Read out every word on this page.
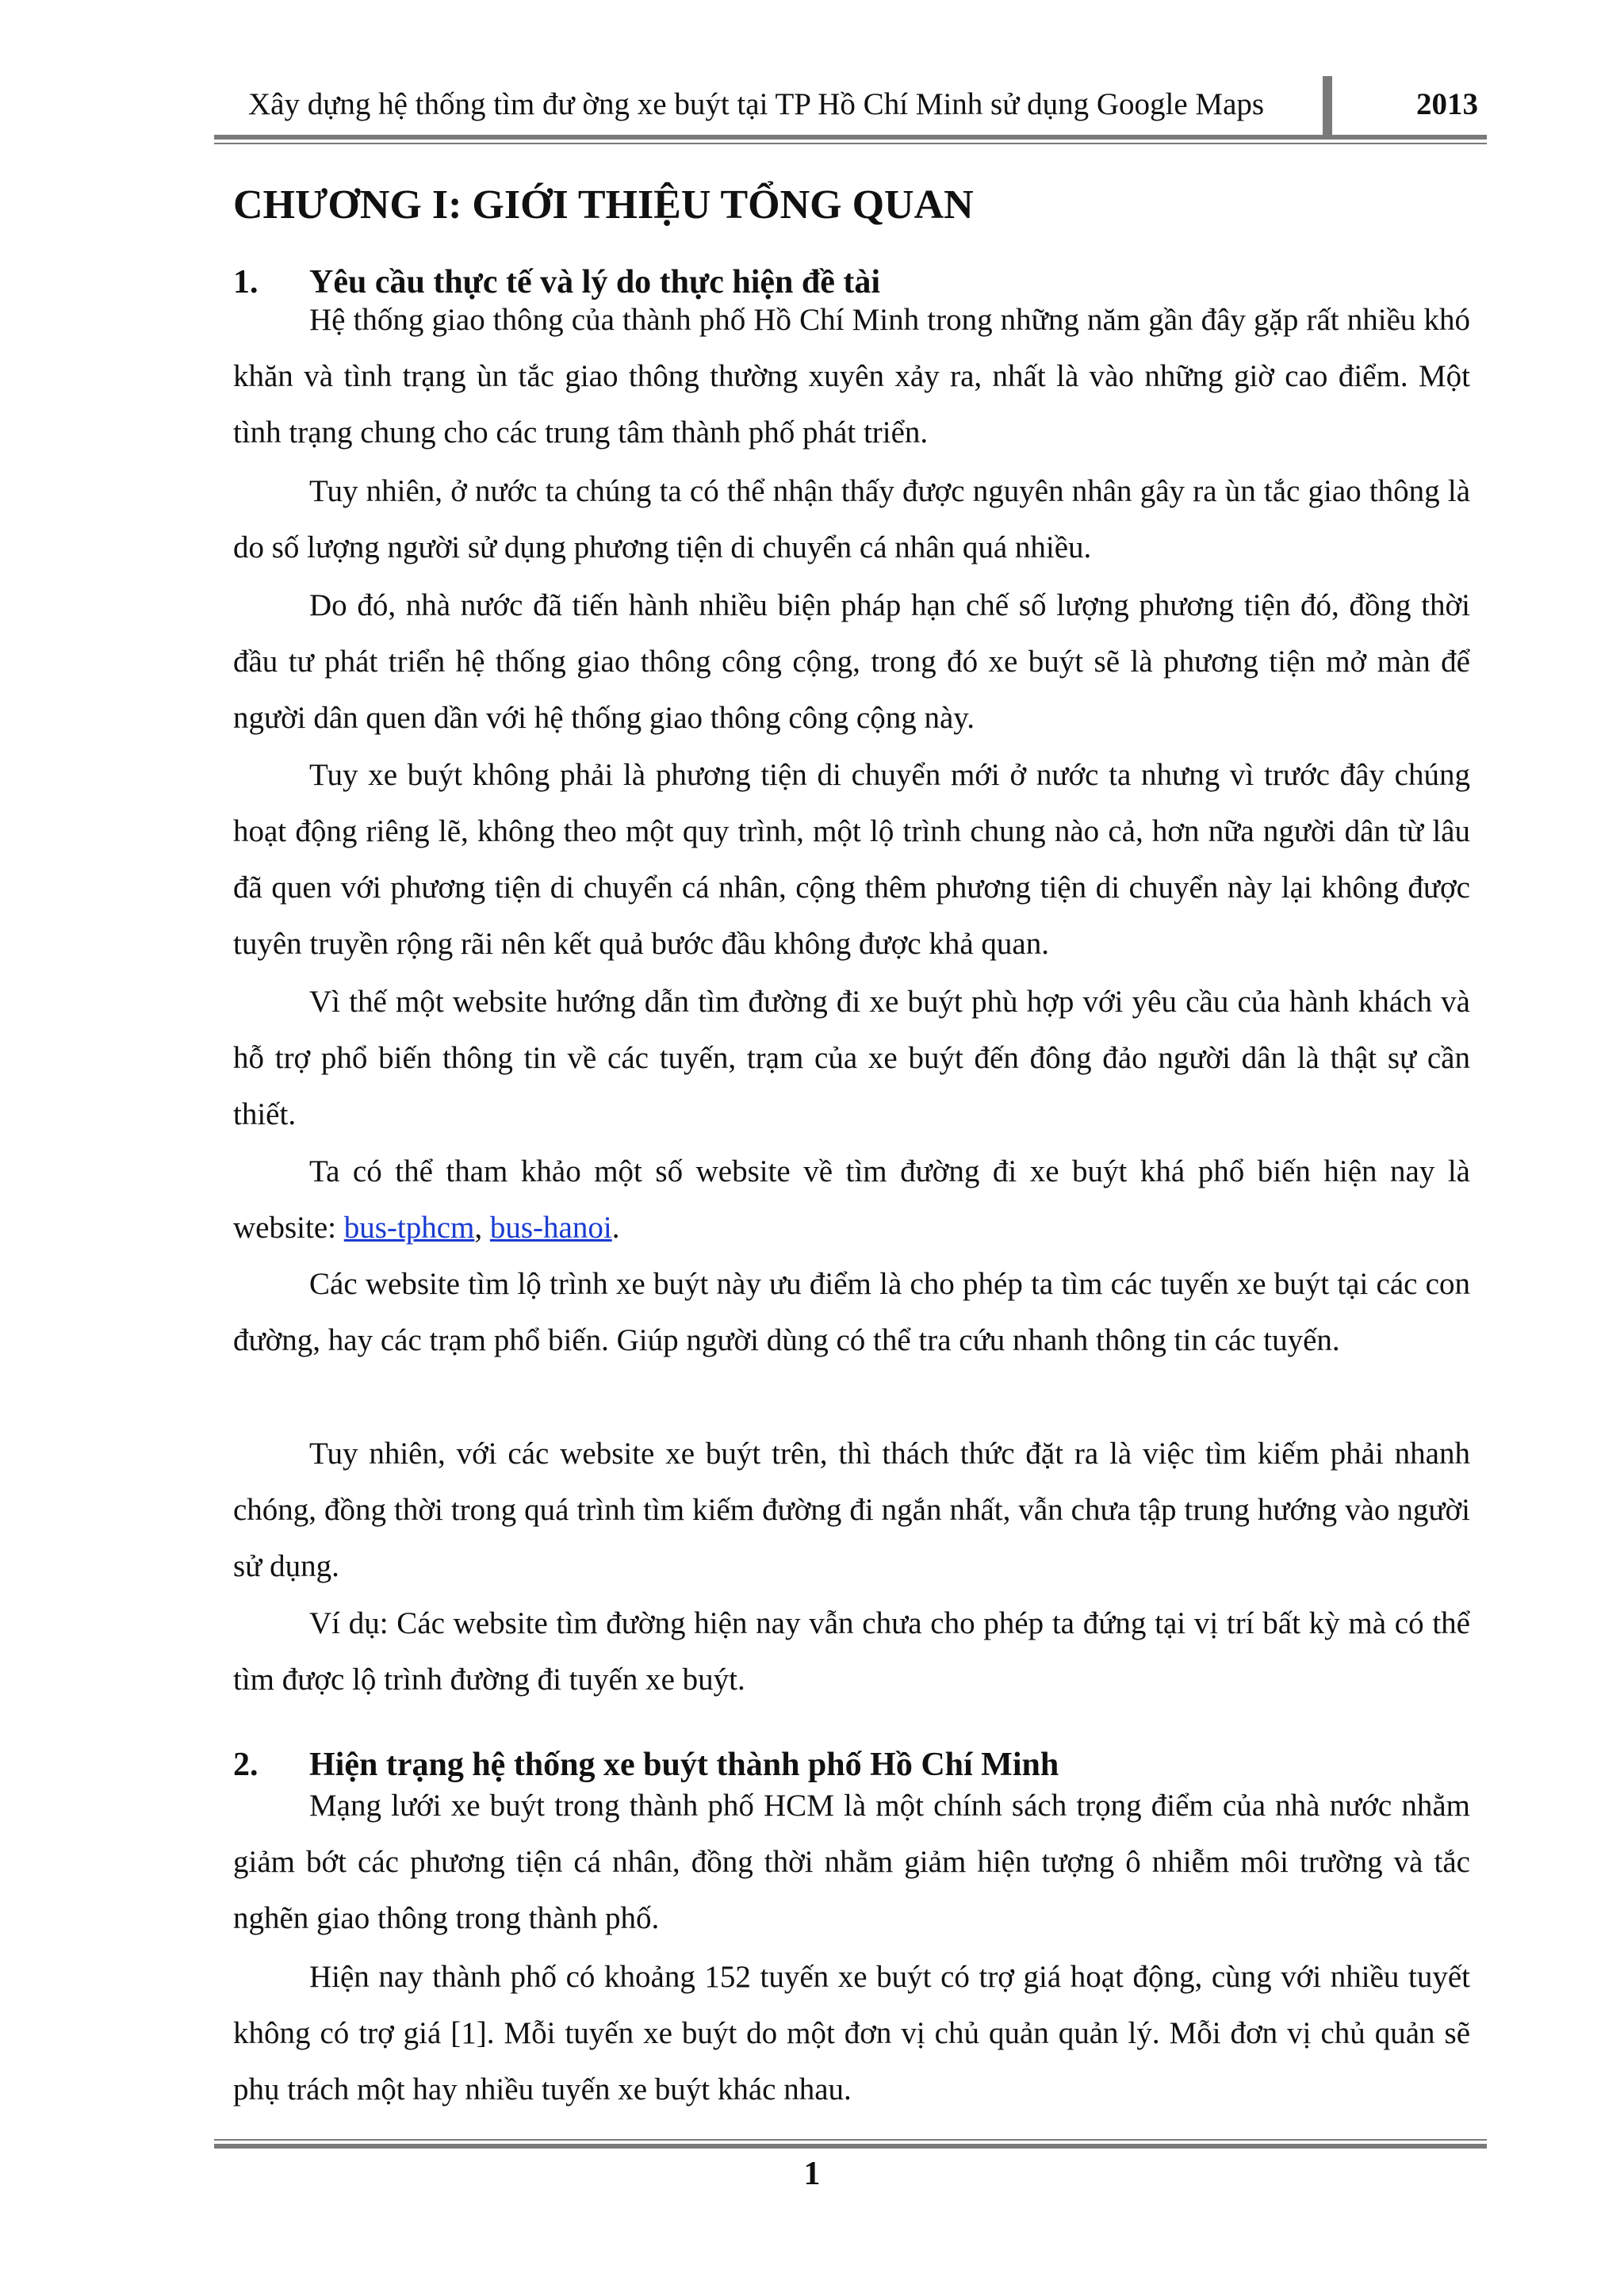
Xây dựng hệ thống tìm đư ờng xe buýt tại TP Hồ Chí Minh sử dụng Google Maps	2013
CHƯƠNG I: GIỚI THIỆU TỔNG QUAN
1. Yêu cầu thực tế và lý do thực hiện đề tài

Hệ thống giao thông của thành phố Hồ Chí Minh trong những năm gần đây gặp rất nhiều khó khăn và tình trạng ùn tắc giao thông thường xuyên xảy ra, nhất là vào những giờ cao điểm. Một tình trạng chung cho các trung tâm thành phố phát triển.

Tuy nhiên, ở nước ta chúng ta có thể nhận thấy được nguyên nhân gây ra ùn tắc giao thông là do số lượng người sử dụng phương tiện di chuyển cá nhân quá nhiều.

Do đó, nhà nước đã tiến hành nhiều biện pháp hạn chế số lượng phương tiện đó, đồng thời đầu tư phát triển hệ thống giao thông công cộng, trong đó xe buýt sẽ là phương tiện mở màn để người dân quen dần với hệ thống giao thông công cộng này.

Tuy xe buýt không phải là phương tiện di chuyển mới ở nước ta nhưng vì trước đây chúng hoạt động riêng lẽ, không theo một quy trình, một lộ trình chung nào cả, hơn nữa người dân từ lâu đã quen với phương tiện di chuyển cá nhân, cộng thêm phương tiện di chuyển này lại không được tuyên truyền rộng rãi nên kết quả bước đầu không được khả quan.

Vì thế một website hướng dẫn tìm đường đi xe buýt phù hợp với yêu cầu của hành khách và hỗ trợ phổ biến thông tin về các tuyến, trạm của xe buýt đến đông đảo người dân là thật sự cần thiết.

Ta có thể tham khảo một số website về tìm đường đi xe buýt khá phổ biến hiện nay là website: bus-tphcm, bus-hanoi.

Các website tìm lộ trình xe buýt này ưu điểm là cho phép ta tìm các tuyến xe buýt tại các con đường, hay các trạm phổ biến. Giúp người dùng có thể tra cứu nhanh thông tin các tuyến.

Tuy nhiên, với các website xe buýt trên, thì thách thức đặt ra là việc tìm kiếm phải nhanh chóng, đồng thời trong quá trình tìm kiếm đường đi ngắn nhất, vẫn chưa tập trung hướng vào người sử dụng.

Ví dụ: Các website tìm đường hiện nay vẫn chưa cho phép ta đứng tại vị trí bất kỳ mà có thể tìm được lộ trình đường đi tuyến xe buýt.

2. Hiện trạng hệ thống xe buýt thành phố Hồ Chí Minh

Mạng lưới xe buýt trong thành phố HCM là một chính sách trọng điểm của nhà nước nhằm giảm bớt các phương tiện cá nhân, đồng thời nhằm giảm hiện tượng ô nhiễm môi trường và tắc nghẽn giao thông trong thành phố.

Hiện nay thành phố có khoảng 152 tuyến xe buýt có trợ giá hoạt động, cùng với nhiều tuyết không có trợ giá [1]. Mỗi tuyến xe buýt do một đơn vị chủ quản quản lý. Mỗi đơn vị chủ quản sẽ phụ trách một hay nhiều tuyến xe buýt khác nhau.

1
